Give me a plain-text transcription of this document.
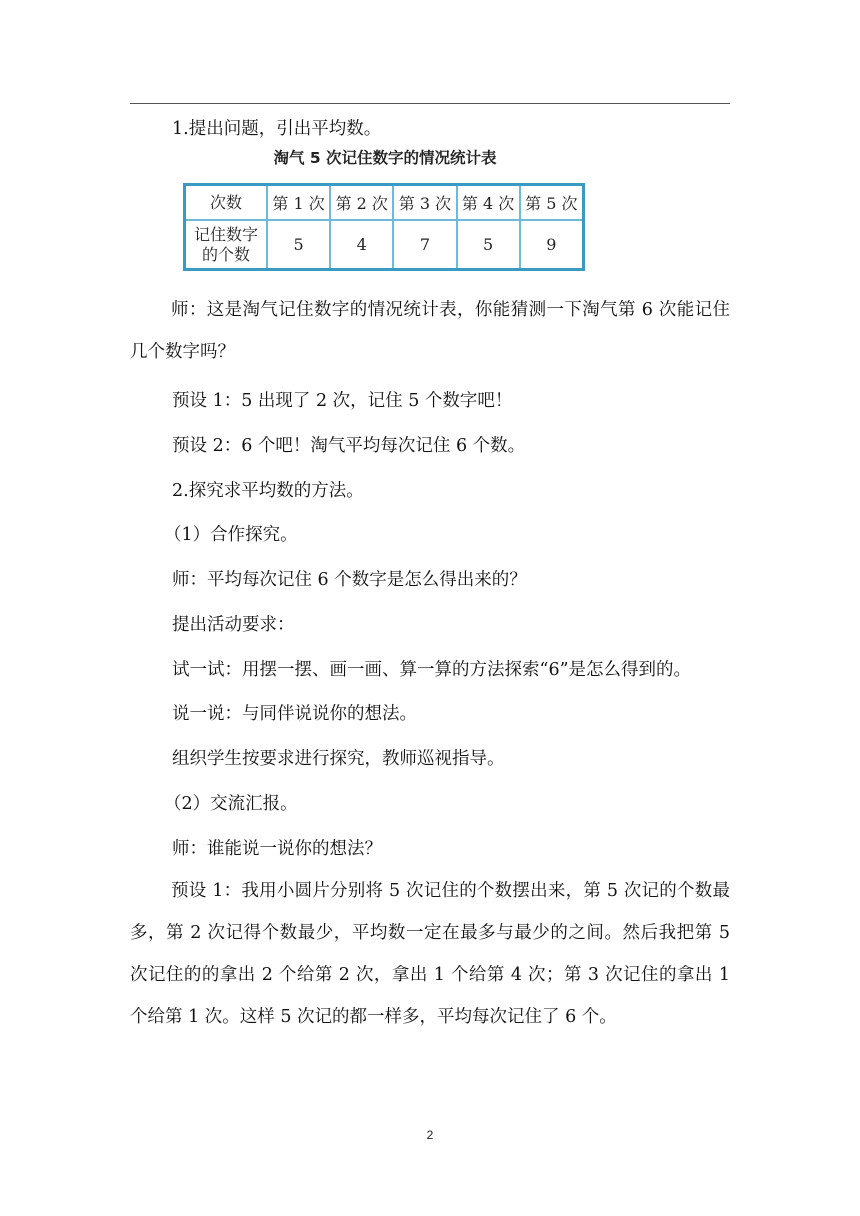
1.提出问题，引出平均数。
淘气 5 次记住数字的情况统计表
次数	第 1 次	第 2 次	第 3 次	第 4 次	第 5 次

记住数字
的个数	5	4	7	5	9
师：这是淘气记住数字的情况统计表，你能猜测一下淘气第 6 次能记住几个数字吗？
预设 1：5 出现了 2 次，记住 5 个数字吧！
预设 2：6 个吧！淘气平均每次记住 6 个数。
2.探究求平均数的方法。
（1）合作探究。
师：平均每次记住 6 个数字是怎么得出来的？
提出活动要求：
试一试：用摆一摆、画一画、算一算的方法探索“6”是怎么得到的。
说一说：与同伴说说你的想法。
组织学生按要求进行探究，教师巡视指导。
（2）交流汇报。
师：谁能说一说你的想法？
预设 1：我用小圆片分别将 5 次记住的个数摆出来，第 5 次记的个数最多，第 2 次记得个数最少，平均数一定在最多与最少的之间。然后我把第 5 次记住的的拿出 2 个给第 2 次，拿出 1 个给第 4 次；第 3 次记住的拿出 1 个给第 1 次。这样 5 次记的都一样多，平均每次记住了 6 个。
2
